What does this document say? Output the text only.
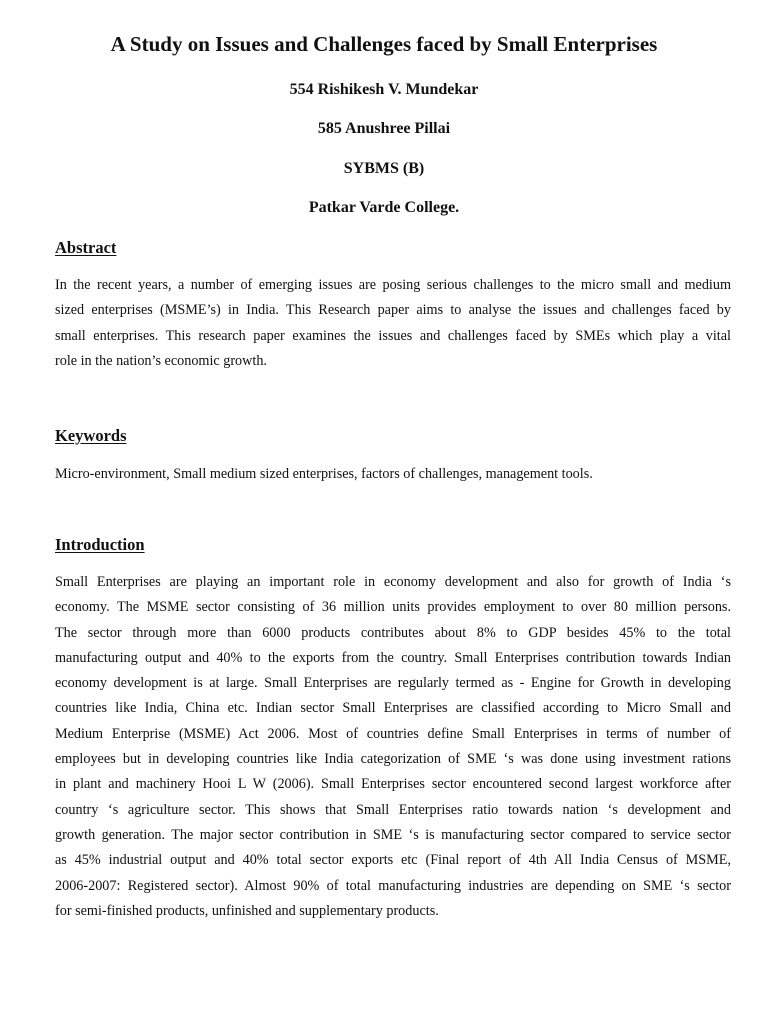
A Study on Issues and Challenges faced by Small Enterprises
554 Rishikesh V. Mundekar
585 Anushree Pillai
SYBMS (B)
Patkar Varde College.
Abstract
In the recent years, a number of emerging issues are posing serious challenges to the micro small and medium
sized enterprises (MSME’s) in India. This Research paper aims to analyse the issues and challenges faced by
small enterprises. This research paper examines the issues and challenges faced by SMEs which play a vital
role in the nation’s economic growth.
Keywords
Micro-environment, Small medium sized enterprises, factors of challenges, management tools.
Introduction
Small Enterprises are playing an important role in economy development and also for growth of India ‘s
economy. The MSME sector consisting of 36 million units provides employment to over 80 million persons.
The sector through more than 6000 products contributes about 8% to GDP besides 45% to the total
manufacturing output and 40% to the exports from the country. Small Enterprises contribution towards Indian
economy development is at large. Small Enterprises are regularly termed as - Engine for Growth in developing
countries like India, China etc. Indian sector Small Enterprises are classified according to Micro Small and
Medium Enterprise (MSME) Act 2006. Most of countries define Small Enterprises in terms of number of
employees but in developing countries like India categorization of SME ‘s was done using investment rations
in plant and machinery Hooi L W (2006). Small Enterprises sector encountered second largest workforce after
country ‘s agriculture sector. This shows that Small Enterprises ratio towards nation ‘s development and
growth generation. The major sector contribution in SME ‘s is manufacturing sector compared to service sector
as 45% industrial output and 40% total sector exports etc (Final report of 4th All India Census of MSME,
2006-2007: Registered sector). Almost 90% of total manufacturing industries are depending on SME ‘s sector
for semi-finished products, unfinished and supplementary products.
